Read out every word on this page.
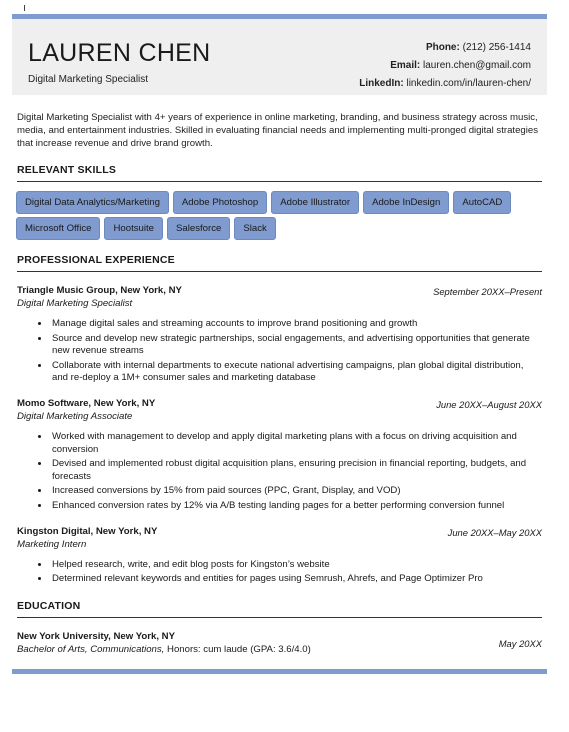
LAUREN CHEN
Digital Marketing Specialist
Phone: (212) 256-1414
Email: lauren.chen@gmail.com
LinkedIn: linkedin.com/in/lauren-chen/
Digital Marketing Specialist with 4+ years of experience in online marketing, branding, and business strategy across music, media, and entertainment industries. Skilled in evaluating financial needs and implementing multi-pronged digital strategies that increase revenue and drive brand growth.
RELEVANT SKILLS
Digital Data Analytics/Marketing	Adobe Photoshop	Adobe Illustrator	Adobe InDesign	AutoCAD
Microsoft Office	Hootsuite	Salesforce	Slack
PROFESSIONAL EXPERIENCE
Triangle Music Group, New York, NY
Digital Marketing Specialist
September 20XX–Present
• Manage digital sales and streaming accounts to improve brand positioning and growth
• Source and develop new strategic partnerships, social engagements, and advertising opportunities that generate new revenue streams
• Collaborate with internal departments to execute national advertising campaigns, plan global digital distribution, and re-deploy a 1M+ consumer sales and marketing database
Momo Software, New York, NY
Digital Marketing Associate
June 20XX–August 20XX
• Worked with management to develop and apply digital marketing plans with a focus on driving acquisition and conversion
• Devised and implemented robust digital acquisition plans, ensuring precision in financial reporting, budgets, and forecasts
• Increased conversions by 15% from paid sources (PPC, Grant, Display, and VOD)
• Enhanced conversion rates by 12% via A/B testing landing pages for a better performing conversion funnel
Kingston Digital, New York, NY
Marketing Intern
June 20XX–May 20XX
• Helped research, write, and edit blog posts for Kingston’s website
• Determined relevant keywords and entities for pages using Semrush, Ahrefs, and Page Optimizer Pro
EDUCATION
New York University, New York, NY
Bachelor of Arts, Communications, Honors: cum laude (GPA: 3.6/4.0)
May 20XX
